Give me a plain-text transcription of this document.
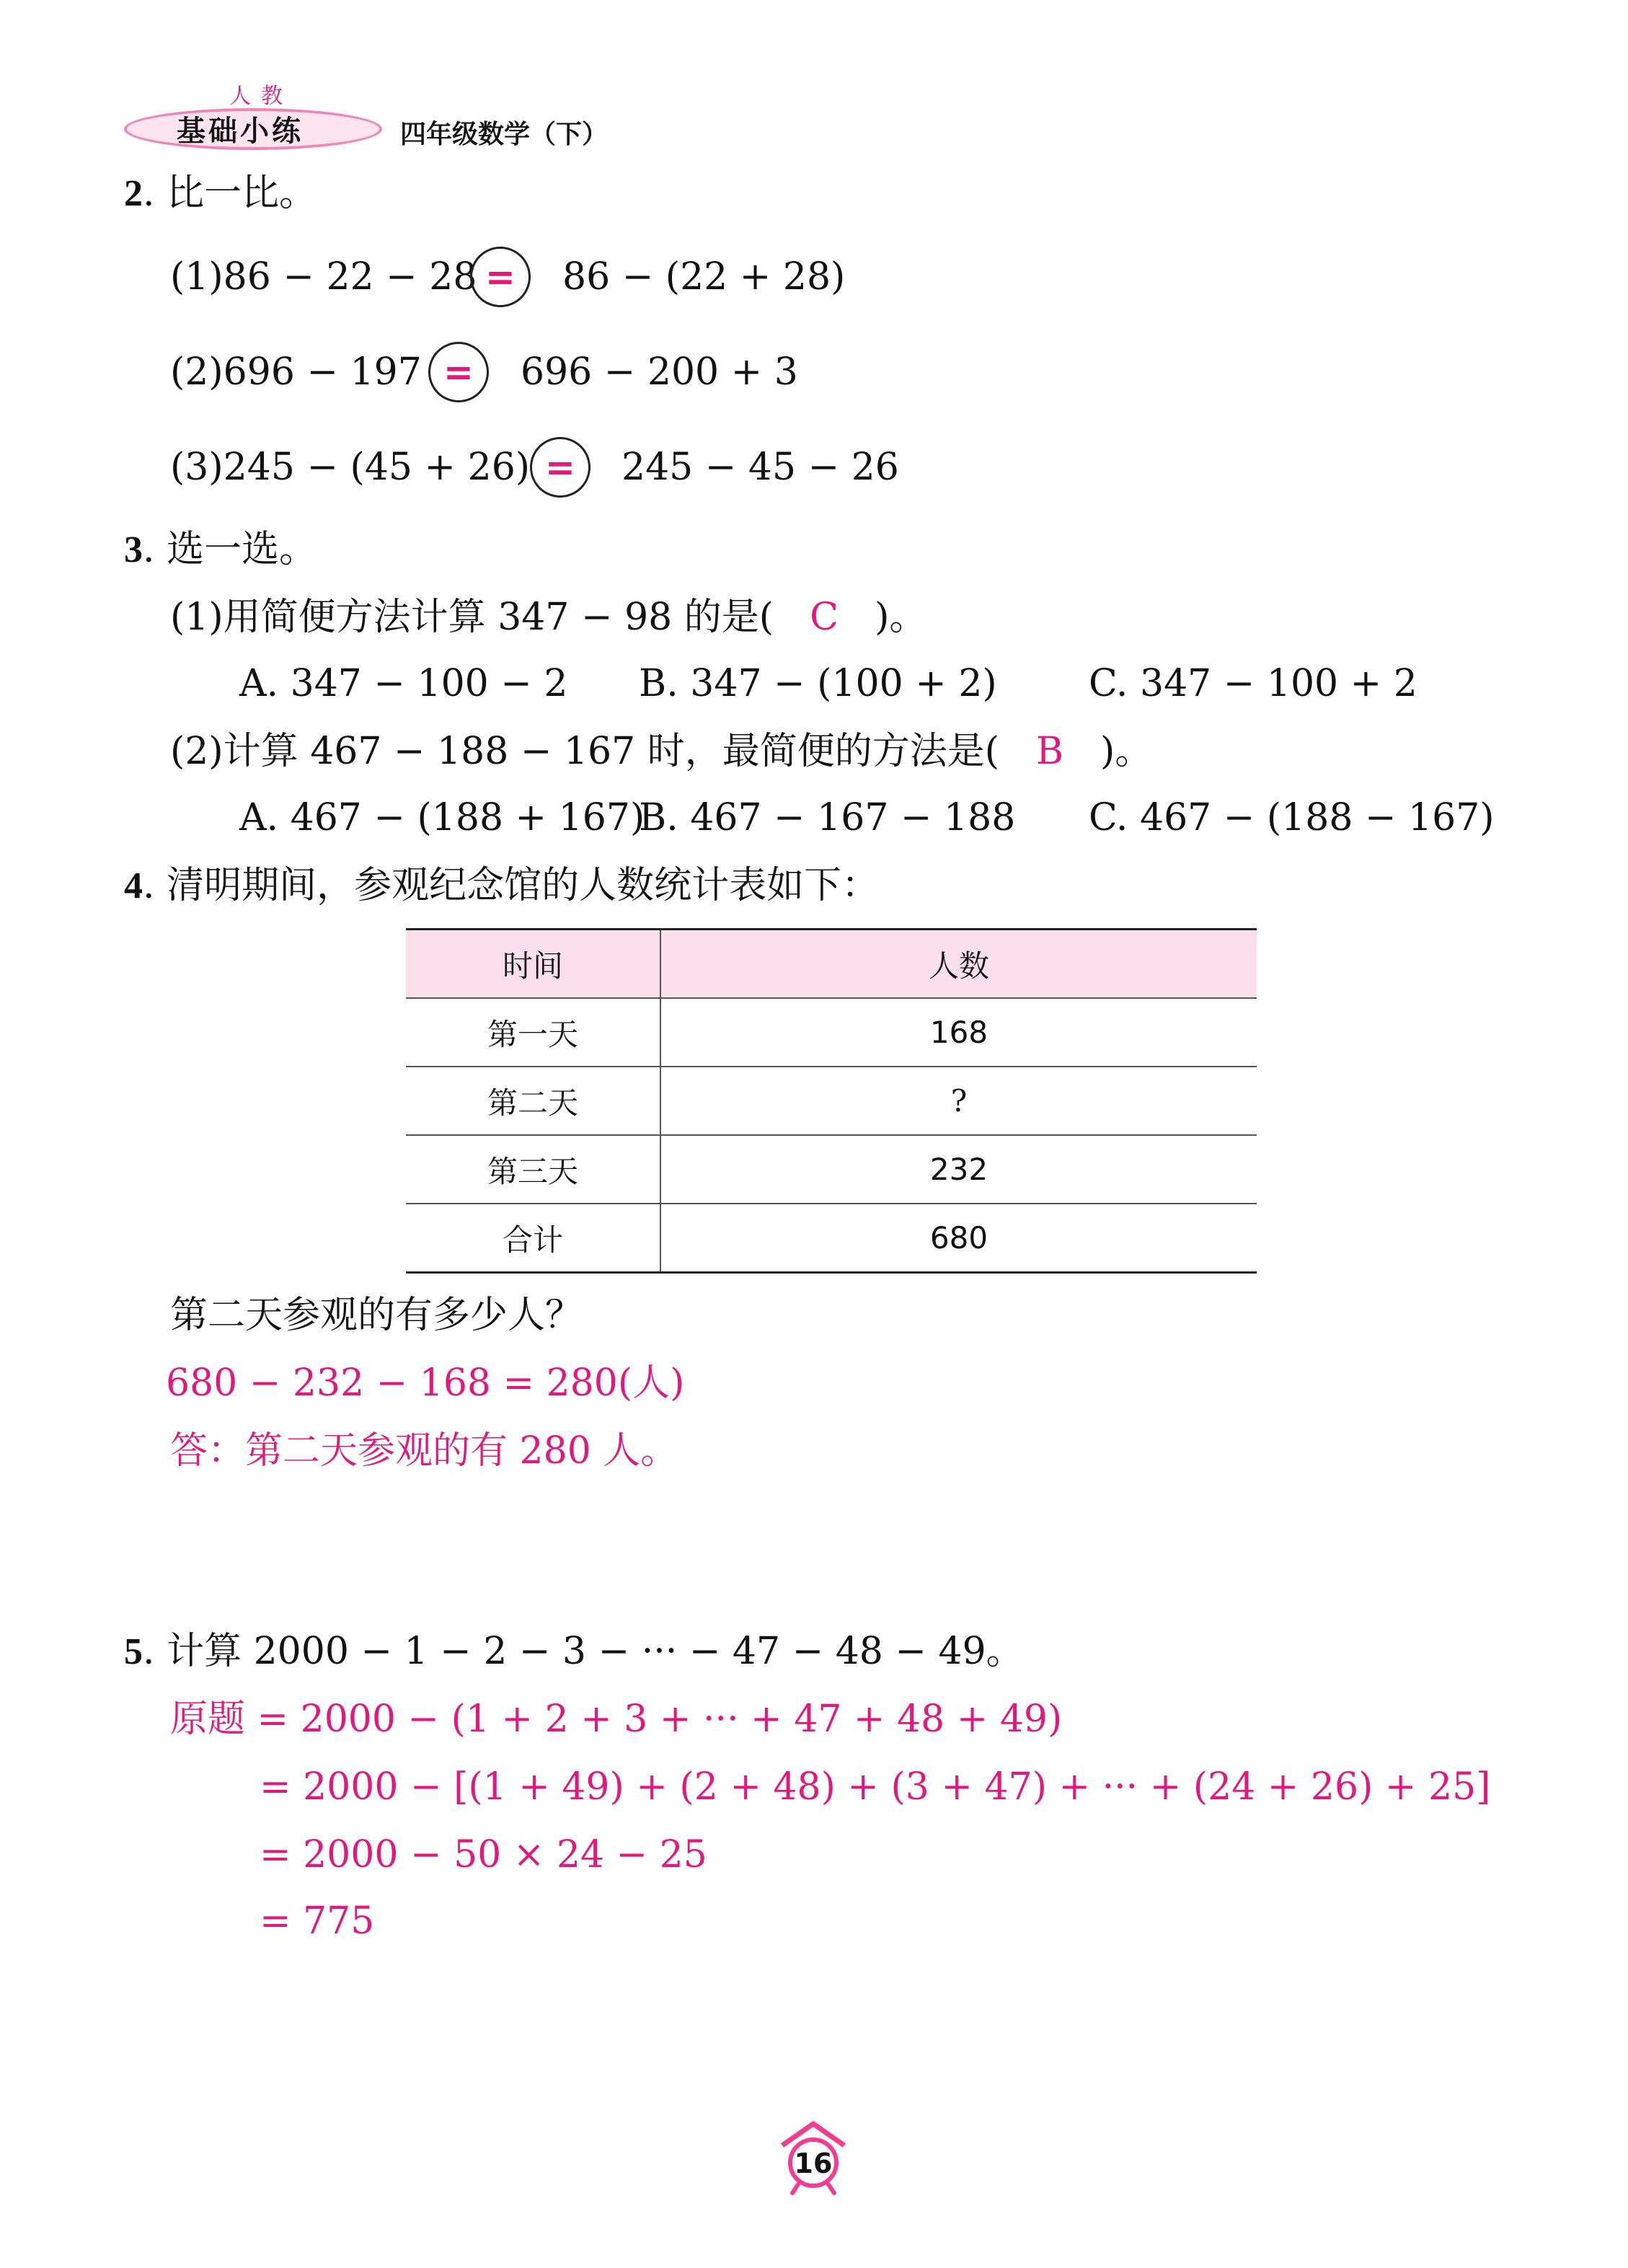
人教
基础小练	四年级数学（下）
2. 比一比。
(1)86 − 22 − 28 =	86 − (22 + 28)
(2)696 − 197 =	696 − 200 + 3
(3)245 − (45 + 26) =	245 − 45 − 26
3. 选一选。
(1)用简便方法计算 347 − 98 的是( C )。
A. 347 − 100 − 2 B. 347 − (100 + 2) C. 347 − 100 + 2
(2)计算 467 − 188 − 167 时，最简便的方法是( B )。
A. 467 − (188 + 167)
B. 467 − 167 − 188 C. 467 − (188 − 167)
4. 清明期间，参观纪念馆的人数统计表如下：
时间	人数
第一天	168
第二天	?
第三天	232
合计	680
第二天参观的有多少人？
680 − 232 − 168 = 280(人)
答：第二天参观的有 280 人。
5. 计算 2000 − 1 − 2 − 3 − ··· − 47 − 48 − 49。
原题 = 2000 − (1 + 2 + 3 + ··· + 47 + 48 + 49)
= 2000 − [(1 + 49) + (2 + 48) + (3 + 47) + ··· + (24 + 26) + 25]
= 2000 − 50 × 24 − 25
= 775
16
